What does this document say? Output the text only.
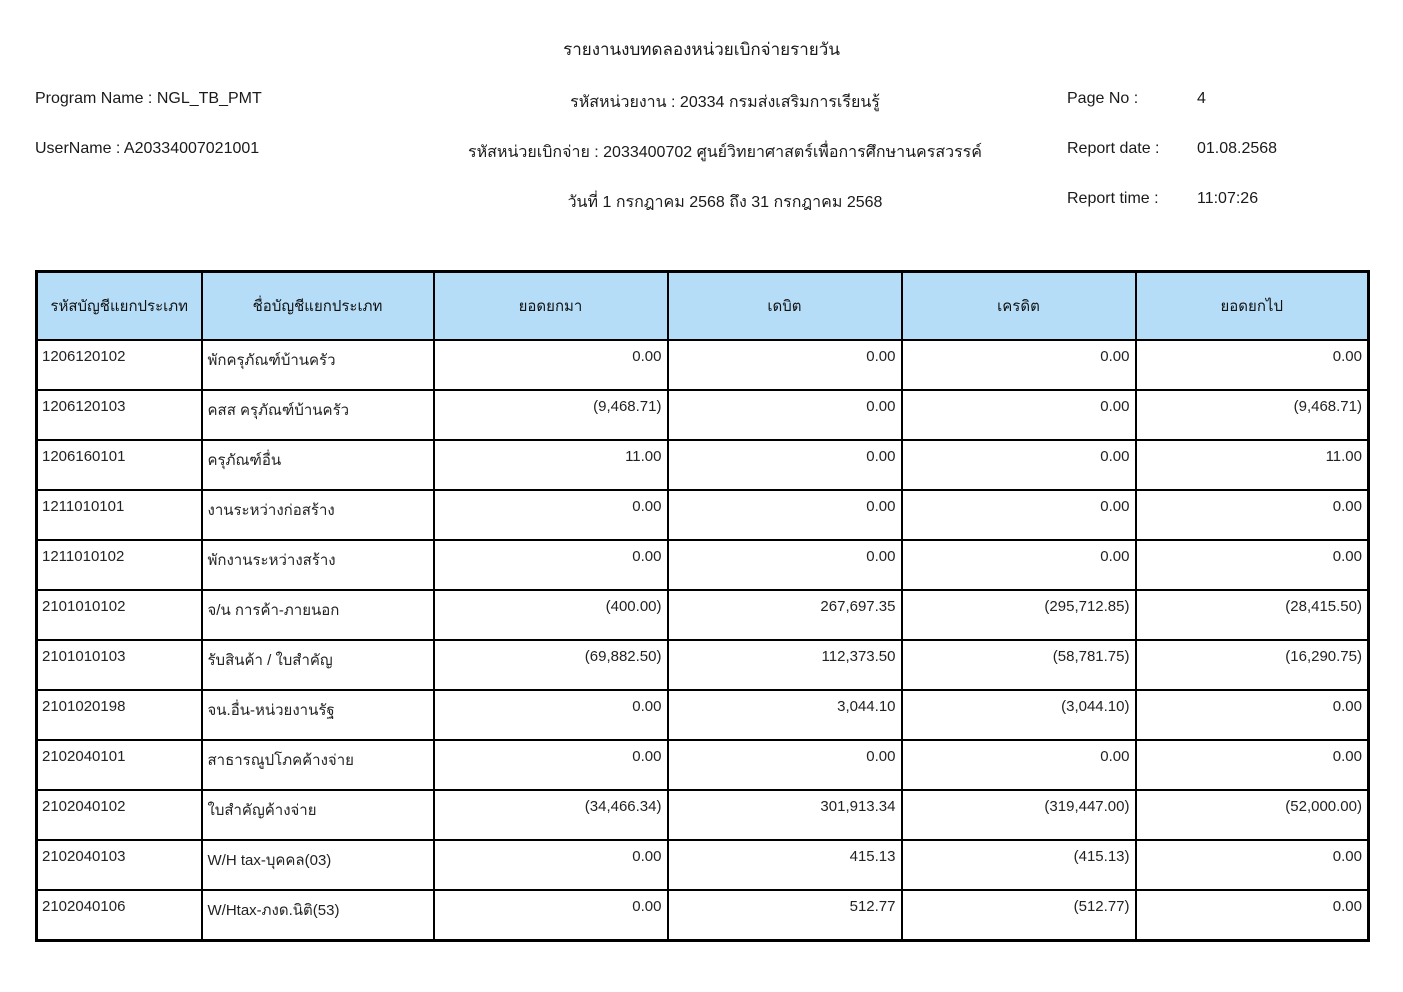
รายงานงบทดลองหน่วยเบิกจ่ายรายวัน
Program Name : NGL_TB_PMT	รหัสหน่วยงาน : 20334 กรมส่งเสริมการเรียนรู้	Page No :	4
UserName : A20334007021001	รหัสหน่วยเบิกจ่าย : 2033400702 ศูนย์วิทยาศาสตร์เพื่อการศึกษานครสวรรค์	Report date :	01.08.2568
วันที่ 1 กรกฎาคม 2568 ถึง 31 กรกฎาคม 2568	Report time :	11:07:26
รหัสบัญชีแยกประเภท	ชื่อบัญชีแยกประเภท	ยอดยกมา	เดบิต	เครดิต	ยอดยกไป
1206120102	พักครุภัณฑ์บ้านครัว	0.00	0.00	0.00	0.00
1206120103	คสส ครุภัณฑ์บ้านครัว	(9,468.71)	0.00	0.00	(9,468.71)
1206160101	ครุภัณฑ์อื่น	11.00	0.00	0.00	11.00
1211010101	งานระหว่างก่อสร้าง	0.00	0.00	0.00	0.00
1211010102	พักงานระหว่างสร้าง	0.00	0.00	0.00	0.00
2101010102	จ/น การค้า-ภายนอก	(400.00)	267,697.35	(295,712.85)	(28,415.50)
2101010103	รับสินค้า / ใบสำคัญ	(69,882.50)	112,373.50	(58,781.75)	(16,290.75)
2101020198	จน.อื่น-หน่วยงานรัฐ	0.00	3,044.10	(3,044.10)	0.00
2102040101	สาธารณูปโภคค้างจ่าย	0.00	0.00	0.00	0.00
2102040102	ใบสำคัญค้างจ่าย	(34,466.34)	301,913.34	(319,447.00)	(52,000.00)
2102040103	W/H tax-บุคคล(03)	0.00	415.13	(415.13)	0.00
2102040106	W/Htax-ภงด.นิติ(53)	0.00	512.77	(512.77)	0.00
